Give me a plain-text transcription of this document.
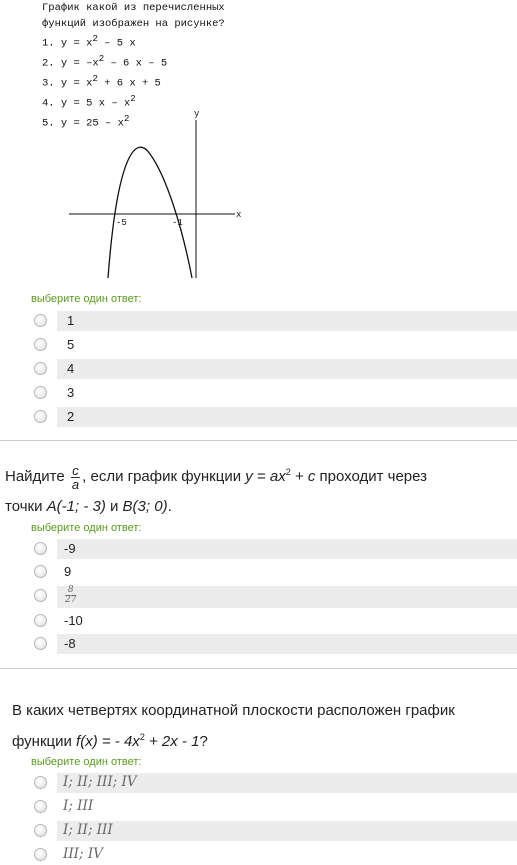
График какой из перечисленных
функций изображен на рисунке?
1. $y = x^2 - 5$ x
2. $y = -x^2 - 6$ x – 5
3. $y = x^2 + 6$ x + 5
4. y = 5 x – $x^2$
5. $y = 25 - x^2$	y
x
-5	-1
выберите один ответ:
1
5
4
3
2
Найдите $\frac{c}{a}$ , если график функции $y = ax^2 + c$ проходит через
точки A(-1; - 3) и B(3; 0).
выберите один ответ:
-9
9
$\frac{8}{27}$
-10
-8
В каких четвертях координатной плоскости расположен график
функции f(x) = - $4x^2 + 2x - 1$?
выберите один ответ:
I; II; III; IV
I; III
I; II; III
III; IV
